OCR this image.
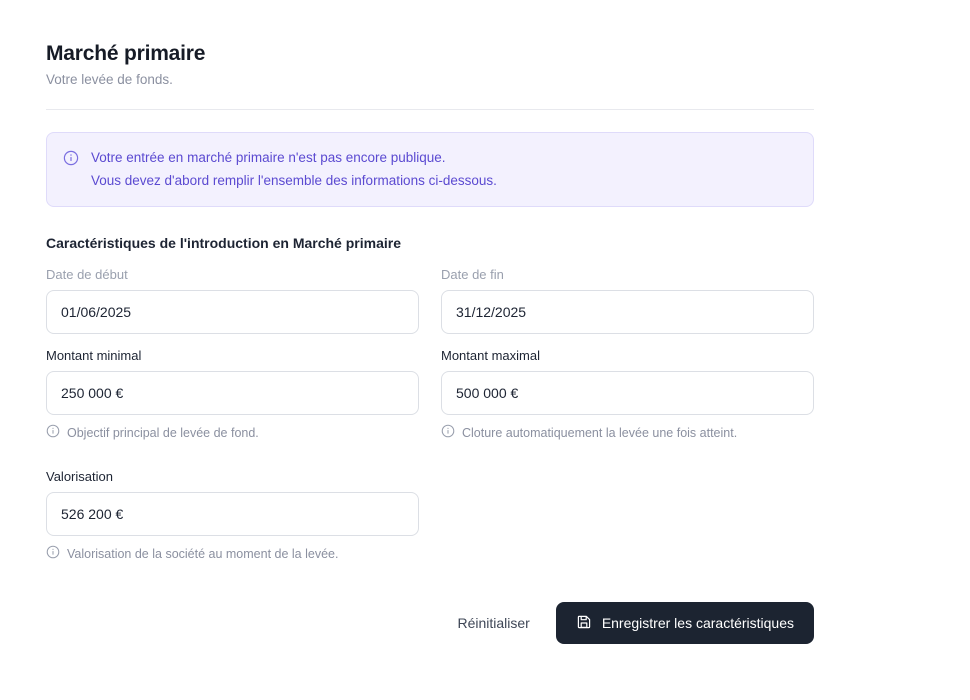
Marché primaire

Votre levée de fonds.

Votre entrée en marché primaire n'est pas encore publique.
Vous devez d'abord remplir l'ensemble des informations ci-dessous.
Caractéristiques de l'introduction en Marché primaire
Date de début
01/06/2025	Date de fin
31/12/2025
Montant minimal
250 000 €
Objectif principal de levée de fond.
Montant maximal
500 000 €
Cloture automatiquement la levée une fois atteint.
Valorisation
526 200 €
Valorisation de la société au moment de la levée.
Réinitialiser	Enregistrer les caractéristiques
